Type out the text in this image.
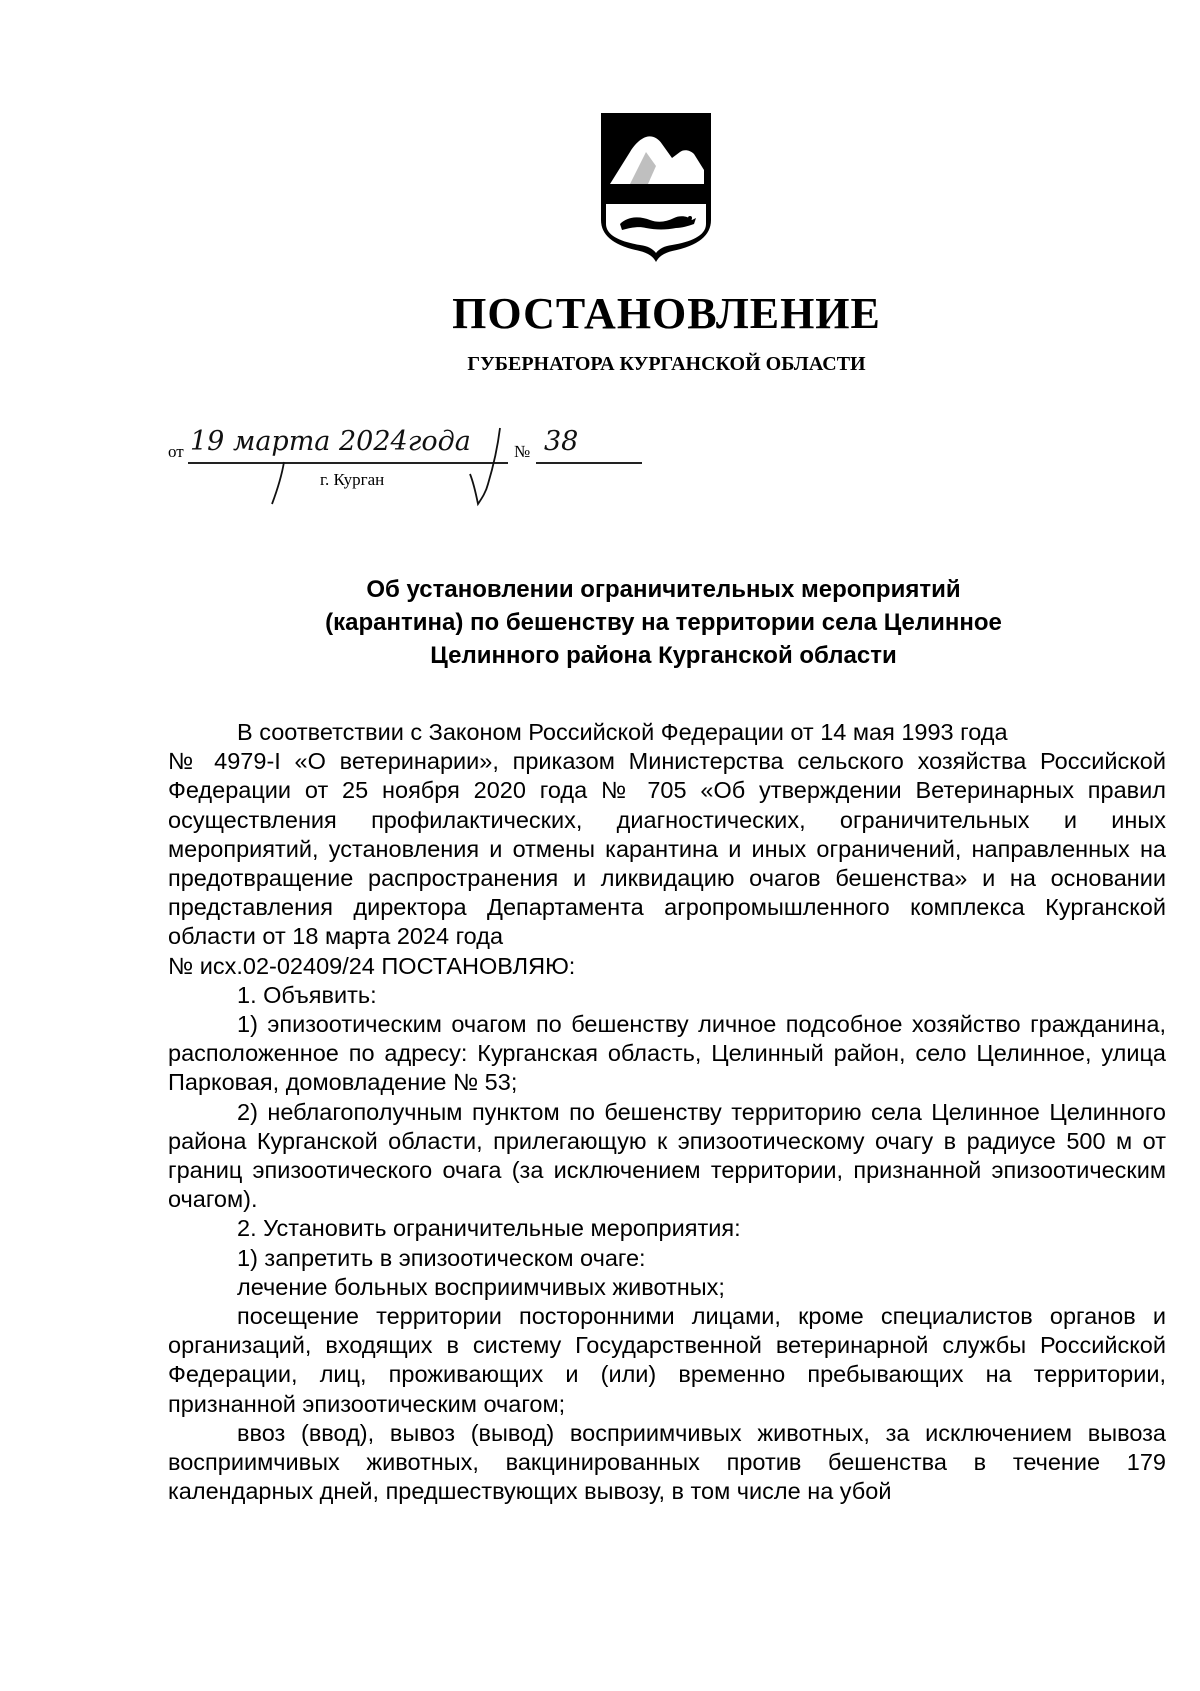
ПОСТАНОВЛЕНИЕ
ГУБЕРНАТОРА КУРГАНСКОЙ ОБЛАСТИ
от 19 марта 2024года	№ 38
г. Курган
Об установлении ограничительных мероприятий
(карантина) по бешенству на территории села Целинное
Целинного района Курганской области

В соответствии с Законом Российской Федерации от 14 мая 1993 года

№ 4979-I «О ветеринарии», приказом Министерства сельского хозяйства Российской Федерации от 25 ноября 2020 года № 705 «Об утверждении Ветеринарных правил осуществления профилактических, диагностических, ограничительных и иных мероприятий, установления и отмены карантина и иных ограничений, направленных на предотвращение распространения и ликвидацию очагов бешенства» и на основании представления директора Департамента агропромышленного комплекса Курганской области от 18 марта 2024 года

№ исх.02-02409/24 ПОСТАНОВЛЯЮ:

1. Объявить:

1) эпизоотическим очагом по бешенству личное подсобное хозяйство гражданина, расположенное по адресу: Курганская область, Целинный район, село Целинное, улица Парковая, домовладение № 53;

2) неблагополучным пунктом по бешенству территорию села Целинное Целинного района Курганской области, прилегающую к эпизоотическому очагу в радиусе 500 м от границ эпизоотического очага (за исключением территории, признанной эпизоотическим очагом).

2. Установить ограничительные мероприятия:

1) запретить в эпизоотическом очаге:

лечение больных восприимчивых животных;

посещение территории посторонними лицами, кроме специалистов органов и организаций, входящих в систему Государственной ветеринарной службы Российской Федерации, лиц, проживающих и (или) временно пребывающих на территории, признанной эпизоотическим очагом;

ввоз (ввод), вывоз (вывод) восприимчивых животных, за исключением вывоза восприимчивых животных, вакцинированных против бешенства в течение 179 календарных дней, предшествующих вывозу, в том числе на убой
